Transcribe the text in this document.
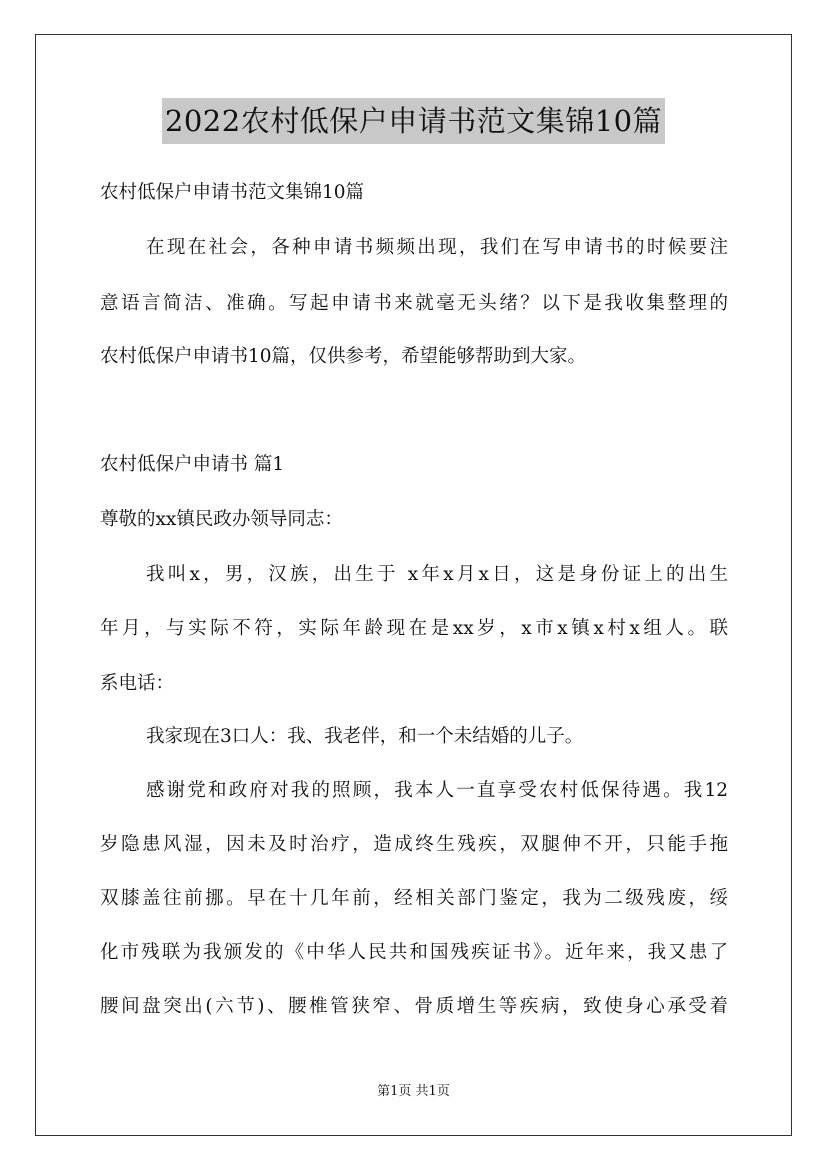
2022农村低保户申请书范文集锦10篇
农村低保户申请书范文集锦10篇
在现在社会，各种申请书频频出现，我们在写申请书的时候要注
意语言简洁、准确。写起申请书来就毫无头绪？以下是我收集整理的
农村低保户申请书10篇，仅供参考，希望能够帮助到大家。
农村低保户申请书 篇1
尊敬的xx镇民政办领导同志：
我叫x，男，汉族，出生于 x年x月x日，这是身份证上的出生
年月，与实际不符，实际年龄现在是xx岁，x市x镇x村x组人。联
系电话：
我家现在3口人：我、我老伴，和一个未结婚的儿子。
感谢党和政府对我的照顾，我本人一直享受农村低保待遇。我12
岁隐患风湿，因未及时治疗，造成终生残疾，双腿伸不开，只能手拖
双膝盖往前挪。早在十几年前，经相关部门鉴定，我为二级残废，绥
化市残联为我颁发的《中华人民共和国残疾证书》。近年来，我又患了
腰间盘突出(六节)、腰椎管狭窄、骨质增生等疾病，致使身心承受着
第1页 共1页
